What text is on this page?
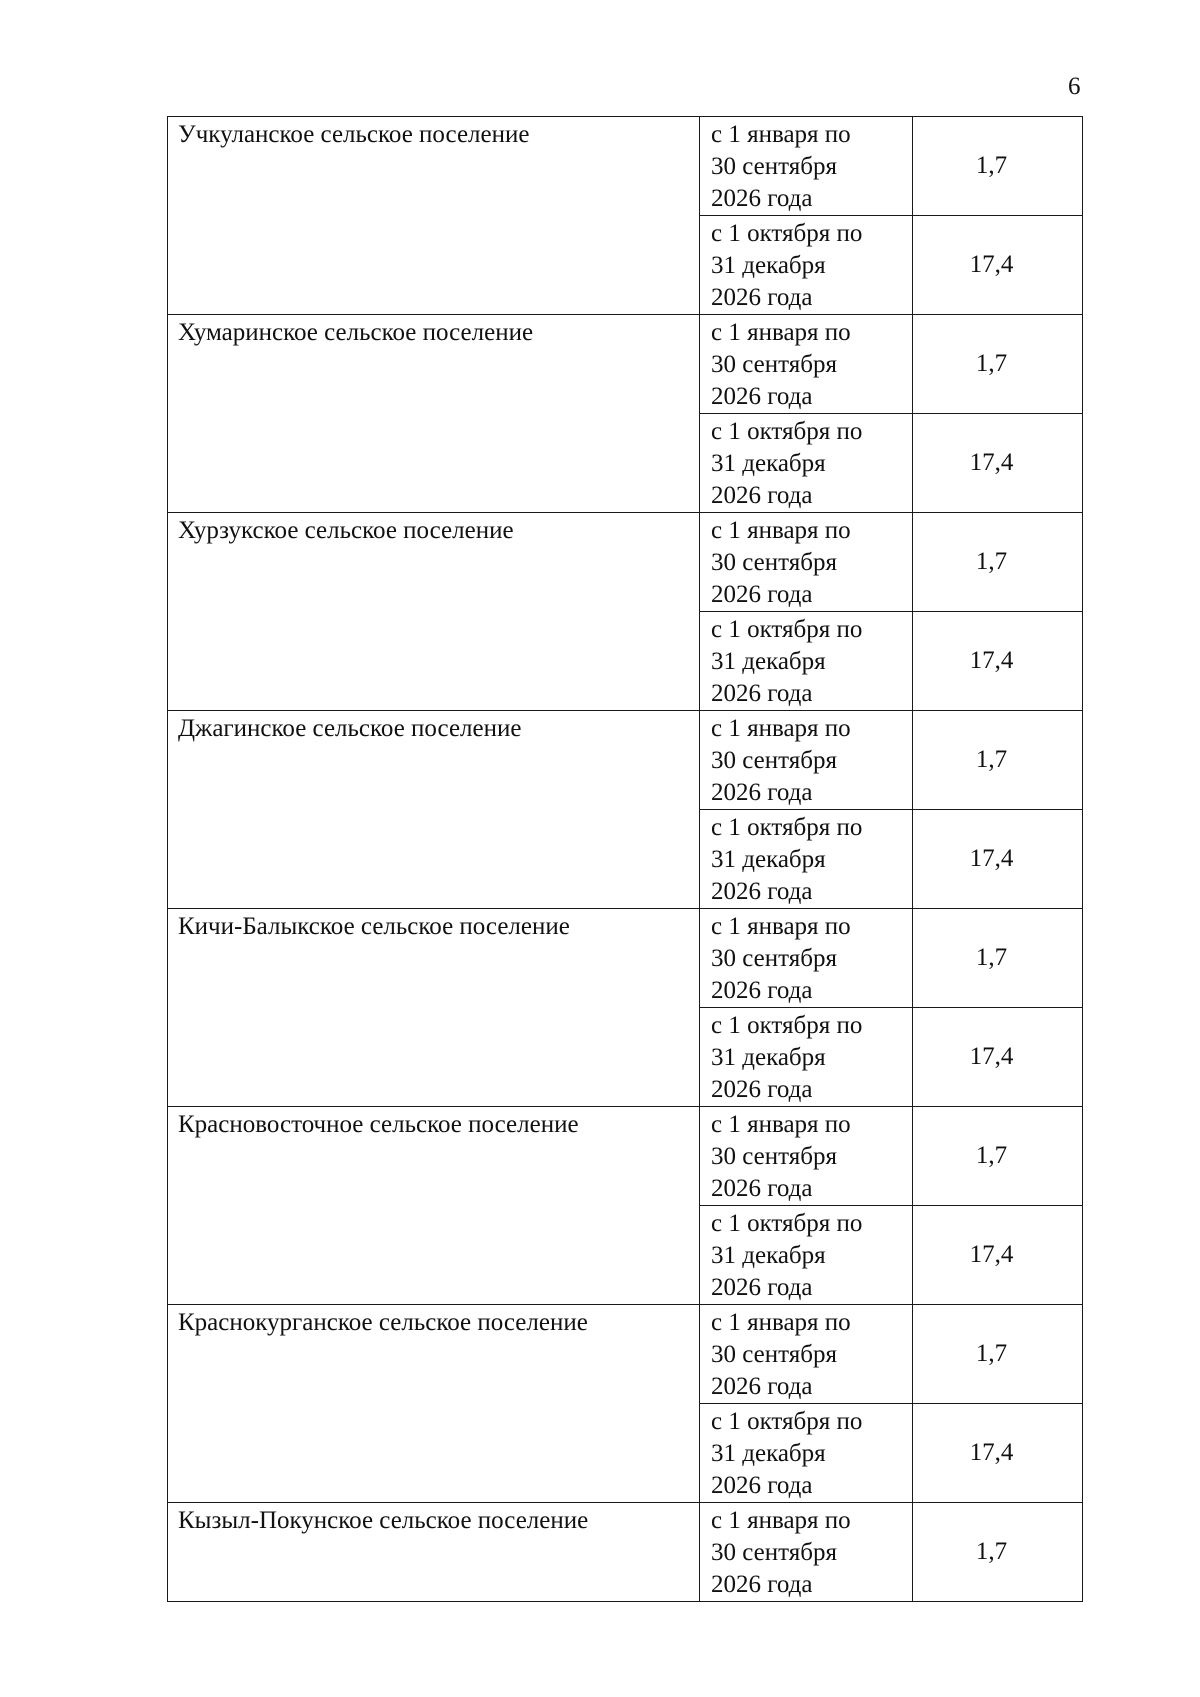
6
Учкуланское сельское поселение	с 1 января по
30 сентября
2026 года	1,7

	с 1 октября по
31 декабря
2026 года	17,4
Хумаринское сельское поселение	с 1 января по
30 сентября
2026 года	1,7

	с 1 октября по
31 декабря
2026 года	17,4
Хурзукское сельское поселение	с 1 января по
30 сентября
2026 года	1,7

	с 1 октября по
31 декабря
2026 года	17,4
Джагинское сельское поселение	с 1 января по
30 сентября
2026 года	1,7

	с 1 октября по
31 декабря
2026 года	17,4
Кичи-Балыкское сельское поселение	с 1 января по
30 сентября
2026 года	1,7

	с 1 октября по
31 декабря
2026 года	17,4
Красновосточное сельское поселение	с 1 января по
30 сентября
2026 года	1,7

	с 1 октября по
31 декабря
2026 года	17,4
Краснокурганское сельское поселение	с 1 января по
30 сентября
2026 года	1,7

	с 1 октября по
31 декабря
2026 года	17,4
Кызыл-Покунское сельское поселение	с 1 января по
30 сентября
2026 года	1,7
